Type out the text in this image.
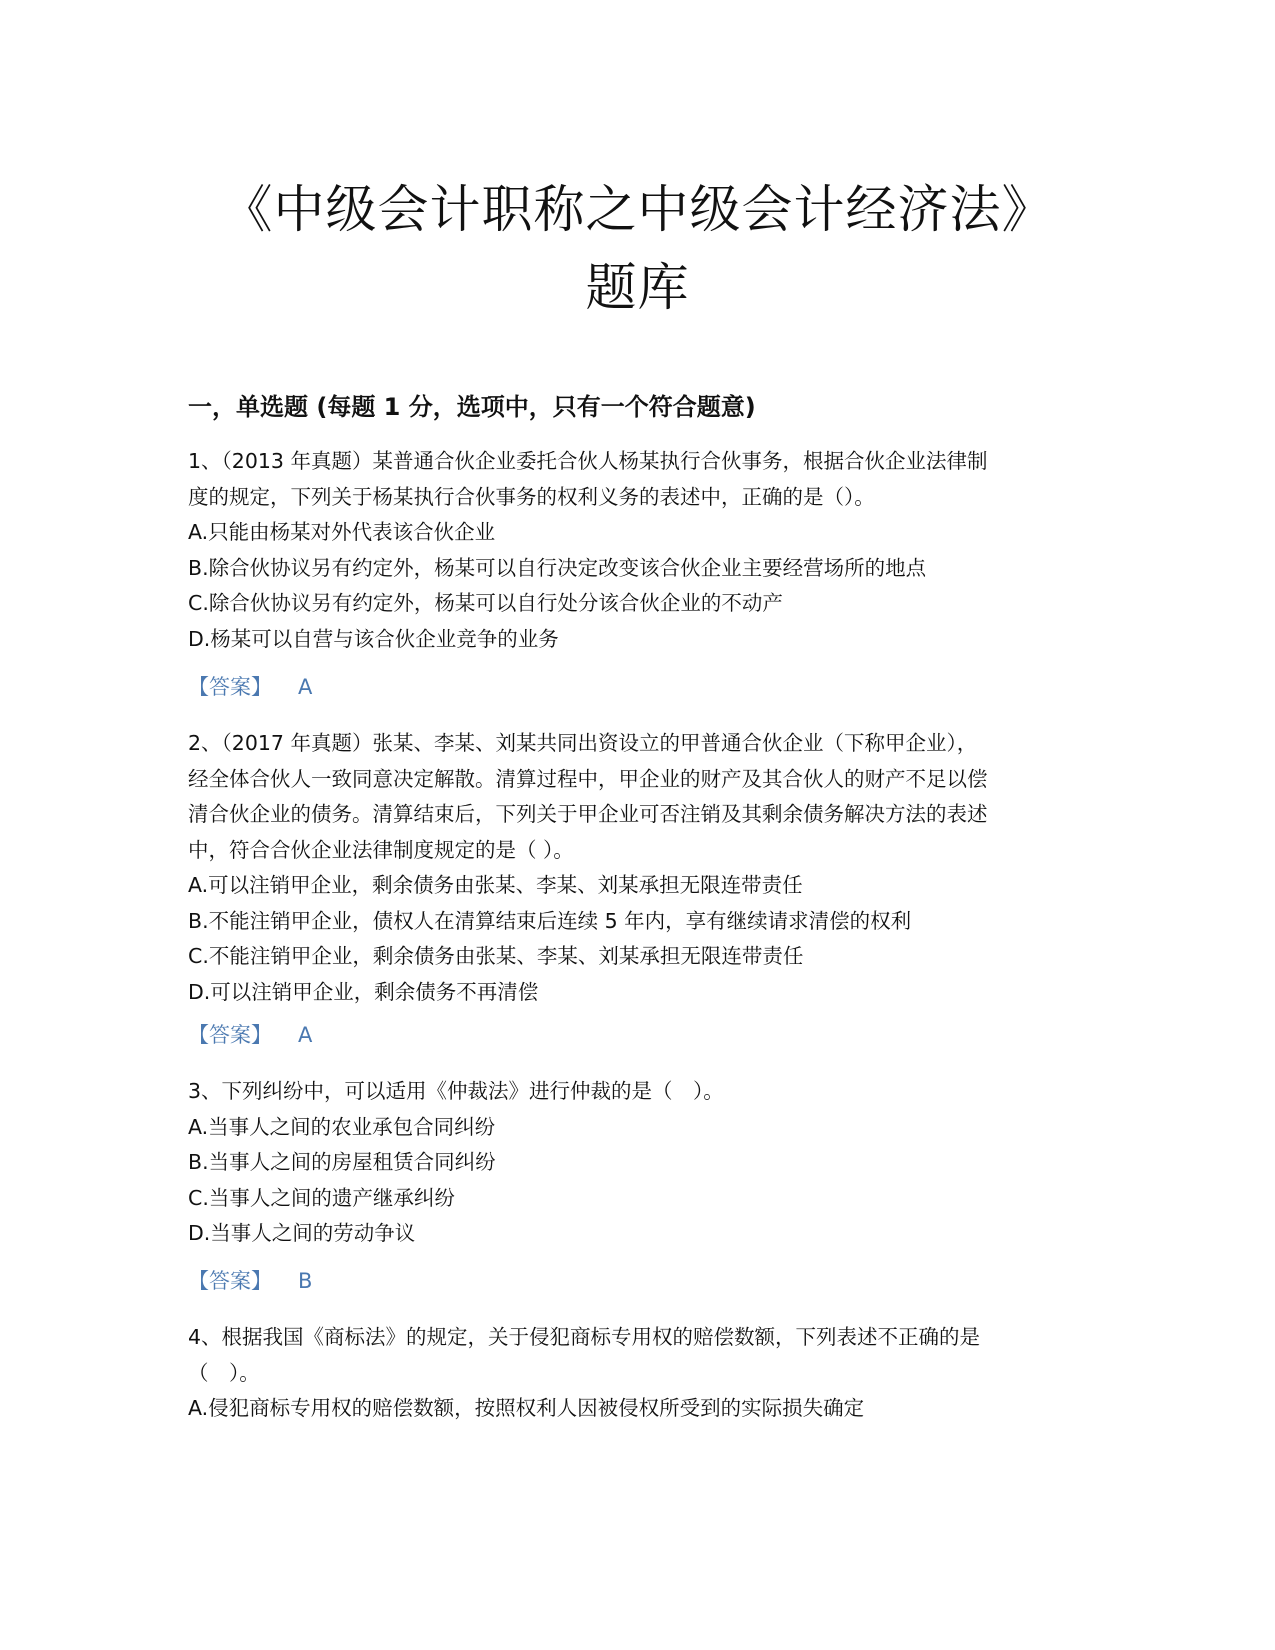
《中级会计职称之中级会计经济法》
题库
一，单选题 (每题 1 分，选项中，只有一个符合题意)

1、（2013 年真题）某普通合伙企业委托合伙人杨某执行合伙事务，根据合伙企业法律制

度的规定，下列关于杨某执行合伙事务的权利义务的表述中，正确的是（）。

A.只能由杨某对外代表该合伙企业

B.除合伙协议另有约定外，杨某可以自行决定改变该合伙企业主要经营场所的地点

C.除合伙协议另有约定外，杨某可以自行处分该合伙企业的不动产

D.杨某可以自营与该合伙企业竞争的业务

【答案】 A

2、（2017 年真题）张某、李某、刘某共同出资设立的甲普通合伙企业（下称甲企业），

经全体合伙人一致同意决定解散。清算过程中，甲企业的财产及其合伙人的财产不足以偿

清合伙企业的债务。清算结束后，下列关于甲企业可否注销及其剩余债务解决方法的表述

中，符合合伙企业法律制度规定的是（ ）。

A.可以注销甲企业，剩余债务由张某、李某、刘某承担无限连带责任

B.不能注销甲企业，债权人在清算结束后连续 5 年内，享有继续请求清偿的权利

C.不能注销甲企业，剩余债务由张某、李某、刘某承担无限连带责任

D.可以注销甲企业，剩余债务不再清偿

【答案】 A

3、下列纠纷中，可以适用《仲裁法》进行仲裁的是（　）。

A.当事人之间的农业承包合同纠纷

B.当事人之间的房屋租赁合同纠纷

C.当事人之间的遗产继承纠纷

D.当事人之间的劳动争议

【答案】 B

4、根据我国《商标法》的规定，关于侵犯商标专用权的赔偿数额，下列表述不正确的是

（　）。

A.侵犯商标专用权的赔偿数额，按照权利人因被侵权所受到的实际损失确定
